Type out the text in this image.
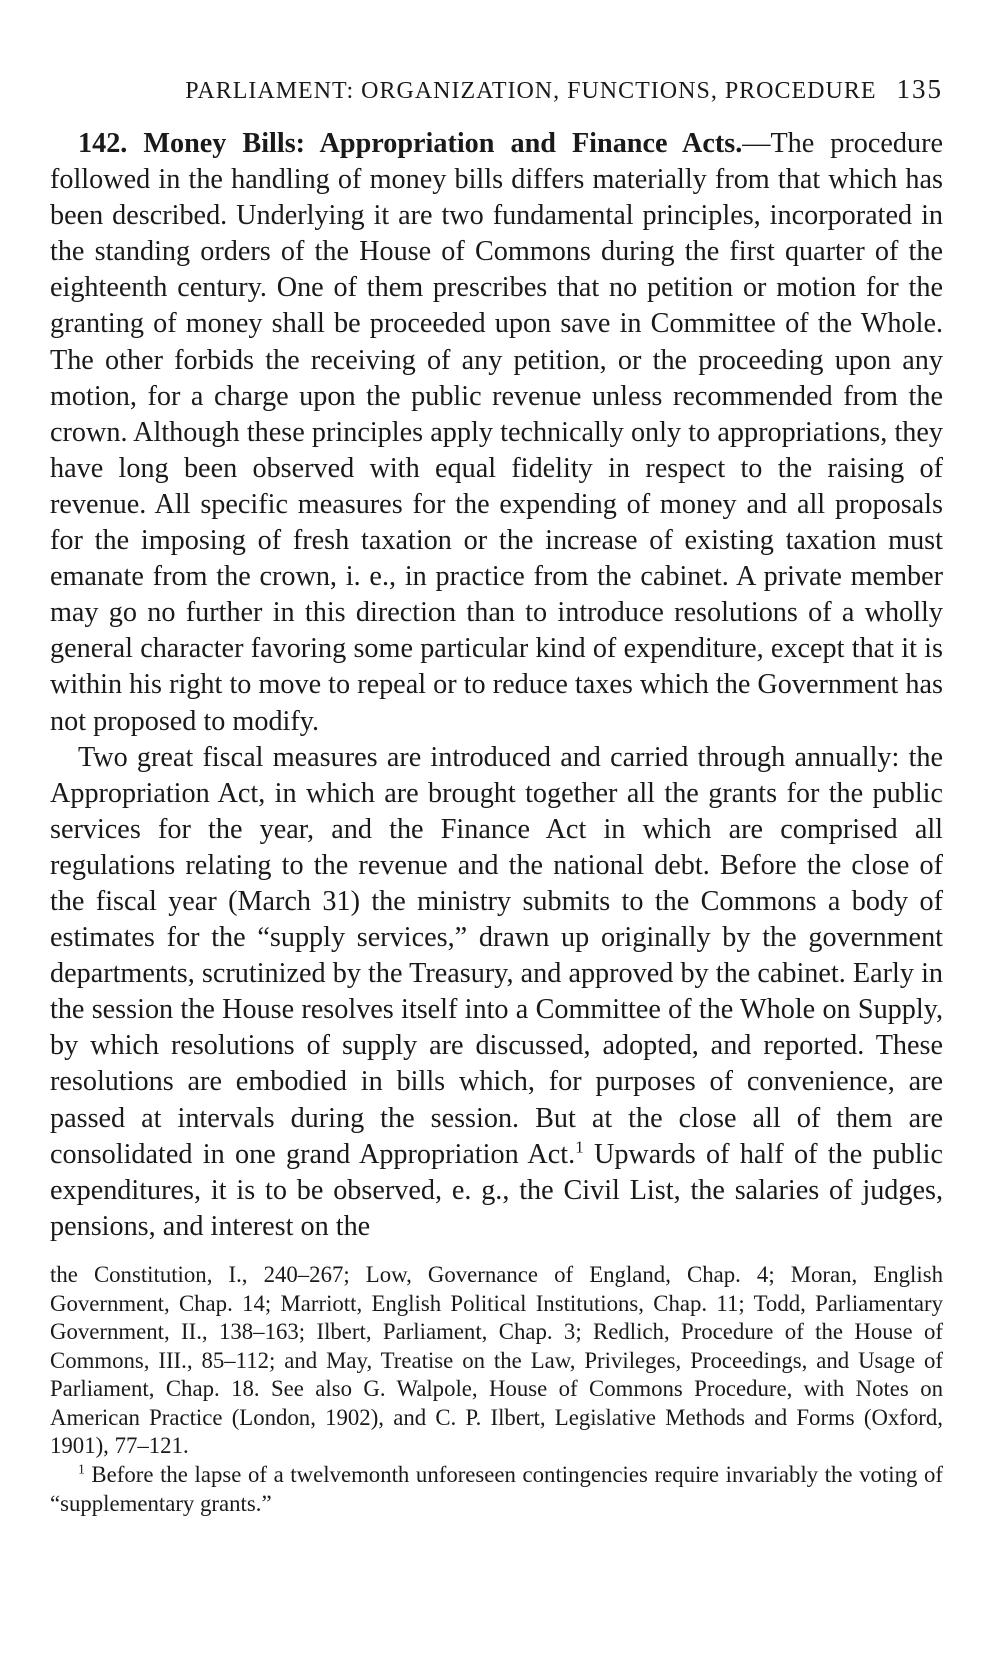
PARLIAMENT: ORGANIZATION, FUNCTIONS, PROCEDURE 135

142. Money Bills: Appropriation and Finance Acts.—The procedure followed in the handling of money bills differs materially from that which has been described. Underlying it are two fundamental principles, incorporated in the standing orders of the House of Commons during the first quarter of the eighteenth century. One of them prescribes that no petition or motion for the granting of money shall be proceeded upon save in Committee of the Whole. The other forbids the receiving of any petition, or the proceeding upon any motion, for a charge upon the public revenue unless recommended from the crown. Although these principles apply technically only to appropriations, they have long been observed with equal fidelity in respect to the raising of revenue. All specific measures for the expending of money and all proposals for the imposing of fresh taxation or the increase of existing taxation must emanate from the crown, i. e., in practice from the cabinet. A private member may go no further in this direction than to introduce resolutions of a wholly general character favoring some particular kind of expenditure, except that it is within his right to move to repeal or to reduce taxes which the Government has not proposed to modify.

Two great fiscal measures are introduced and carried through annually: the Appropriation Act, in which are brought together all the grants for the public services for the year, and the Finance Act in which are comprised all regulations relating to the revenue and the national debt. Before the close of the fiscal year (March 31) the ministry submits to the Commons a body of estimates for the “supply services,” drawn up originally by the government departments, scrutinized by the Treasury, and approved by the cabinet. Early in the session the House resolves itself into a Committee of the Whole on Supply, by which resolutions of supply are discussed, adopted, and reported. These resolutions are embodied in bills which, for purposes of convenience, are passed at intervals during the session. But at the close all of them are consolidated in one grand Appropriation Act.$^1$ Upwards of half of the public expenditures, it is to be observed, e. g., the Civil List, the salaries of judges, pensions, and interest on the

the Constitution, I., 240–267; Low, Governance of England, Chap. 4; Moran, English Government, Chap. 14; Marriott, English Political Institutions, Chap. 11; Todd, Parliamentary Government, II., 138–163; Ilbert, Parliament, Chap. 3; Redlich, Procedure of the House of Commons, III., 85–112; and May, Treatise on the Law, Privileges, Proceedings, and Usage of Parliament, Chap. 18. See also G. Walpole, House of Commons Procedure, with Notes on American Practice (London, 1902), and C. P. Ilbert, Legislative Methods and Forms (Oxford, 1901), 77–121.

$^1$ Before the lapse of a twelvemonth unforeseen contingencies require invariably the voting of “supplementary grants.”
